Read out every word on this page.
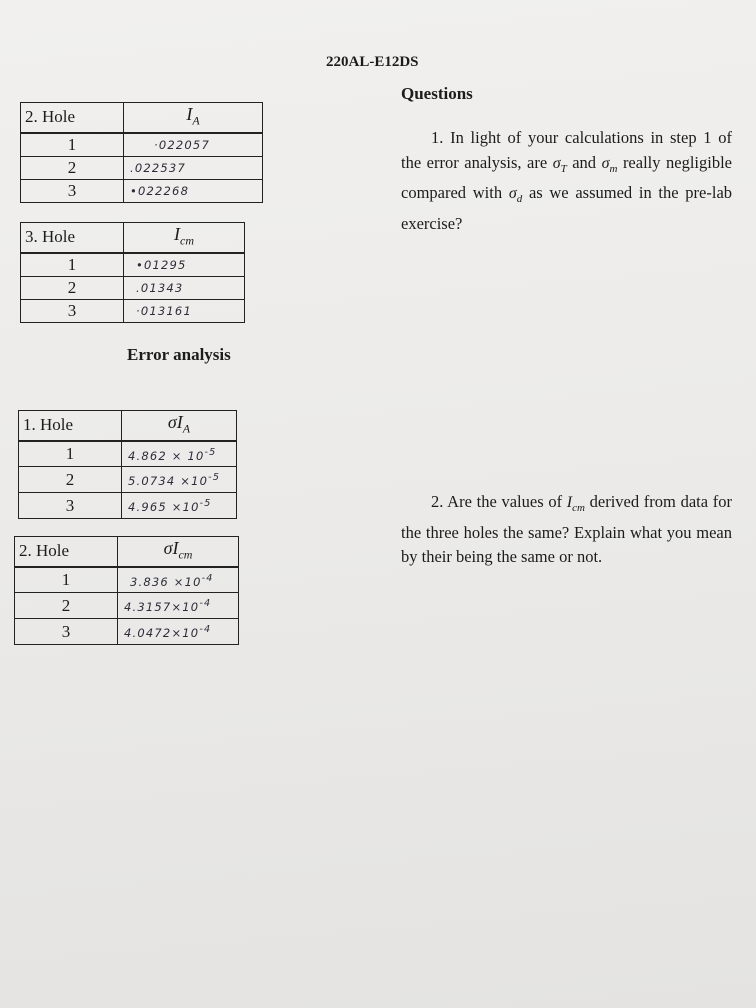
220AL-E12DS
Questions
2. Hole	$I_A$
1	·022057
2	.022537
3	•022268
3. Hole	$I_{cm}$
1	•01295
2	.01343
3	·013161
Error analysis
1. Hole	$\sigma I_A$
1	$4.862 \times 10^{-5}$
2	$5.0734 \times 10^{-5}$
3	$4.965 \times 10^{-5}$
2. Hole	$\sigma I_{cm}$
1	$3.836 \times 10^{-4}$
2	$4.3157\times 10^{-4}$
3	$4.0472\times 10^{-4}$
1. In light of your calculations in step 1 of the error analysis, are $\sigma_T$ and $\sigma_m$ really negligible compared with $\sigma_d$ as we assumed in the pre-lab exercise?
2. Are the values of $I_{cm}$ derived from data for the three holes the same? Explain what you mean by their being the same or not.
